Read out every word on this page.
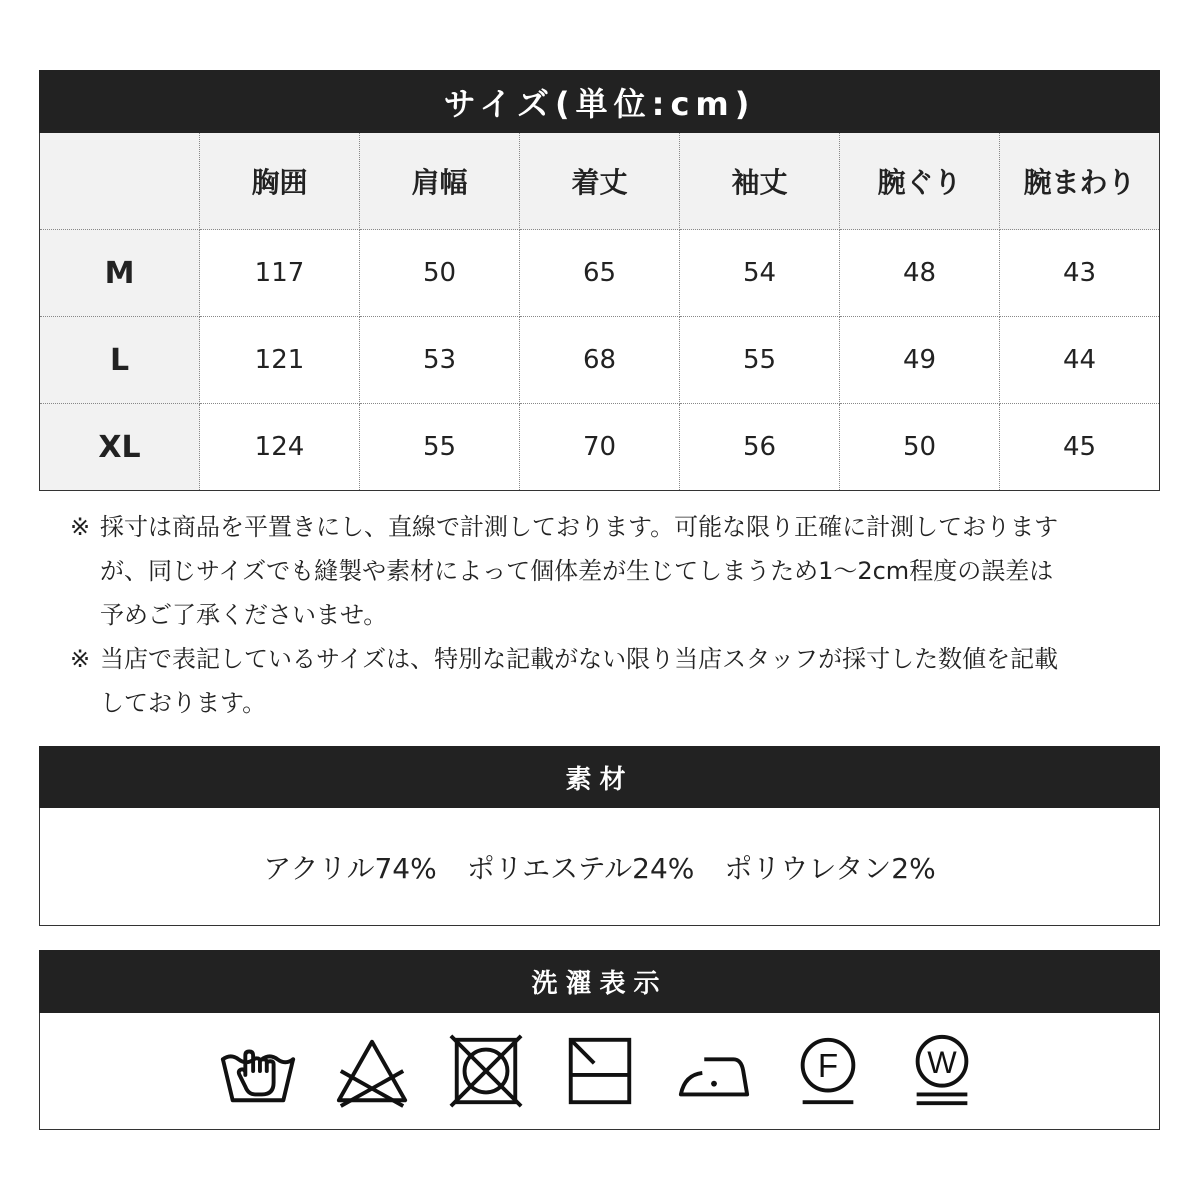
サイズ(単位:cm)
	胸囲	肩幅	着丈	袖丈	腕ぐり	腕まわり
M	117	50	65	54	48	43
L	121	53	68	55	49	44
XL	124	55	70	56	50	45
※ 採寸は商品を平置きにし、直線で計測しております。可能な限り正確に計測しておりますが、同じサイズでも縫製や素材によって個体差が生じてしまうため1〜2cm程度の誤差は予めご了承くださいませ。
※ 当店で表記しているサイズは、特別な記載がない限り当店スタッフが採寸した数値を記載しております。
素材
アクリル74% ポリエステル24% ポリウレタン2%
洗濯表示
F	W
